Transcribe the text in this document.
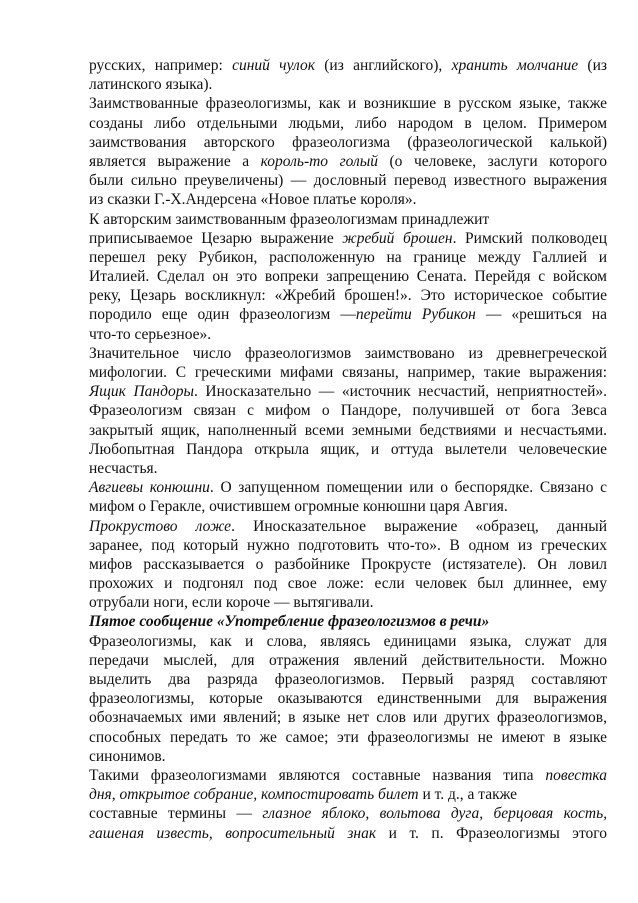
русских, например: синий чулок (из английского), хранить молчание (из
латинского языка).
Заимствованные фразеологизмы, как и возникшие в русском языке, также
созданы либо отдельными людьми, либо народом в целом. Примером
заимствования авторского фразеологизма (фразеологической калькой)
является выражение а король-то голый (о человеке, заслуги которого
были сильно преувеличены) — дословный перевод известного выражения
из сказки Г.-Х.Андерсена «Новое платье короля».
К авторским заимствованным фразеологизмам принадлежит
приписываемое Цезарю выражение жребий брошен. Римский полководец
перешел реку Рубикон, расположенную на границе между Галлией и
Италией. Сделал он это вопреки запрещению Сената. Перейдя с войском
реку, Цезарь воскликнул: «Жребий брошен!». Это историческое событие
породило еще один фразеологизм —перейти Рубикон — «решиться на
что-то серьезное».
Значительное число фразеологизмов заимствовано из древнегреческой
мифологии. С греческими мифами связаны, например, такие выражения:
Ящик Пандоры. Иносказательно — «источник несчастий, неприятностей».
Фразеологизм связан с мифом о Пандоре, получившей от бога Зевса
закрытый ящик, наполненный всеми земными бедствиями и несчастьями.
Любопытная Пандора открыла ящик, и оттуда вылетели человеческие
несчастья.
Авгиевы конюшни. О запущенном помещении или о беспорядке. Связано с
мифом о Геракле, очистившем огромные конюшни царя Авгия.
Прокрустово ложе. Иносказательное выражение «образец, данный
заранее, под который нужно подготовить что-то». В одном из греческих
мифов рассказывается о разбойнике Прокрусте (истязателе). Он ловил
прохожих и подгонял под свое ложе: если человек был длиннее, ему
отрубали ноги, если короче — вытягивали.
Пятое сообщение «Употребление фразеологизмов в речи»
Фразеологизмы, как и слова, являясь единицами языка, служат для
передачи мыслей, для отражения явлений действительности. Можно
выделить два разряда фразеологизмов. Первый разряд составляют
фразеологизмы, которые оказываются единственными для выражения
обозначаемых ими явлений; в языке нет слов или других фразеологизмов,
способных передать то же самое; эти фразеологизмы не имеют в языке
синонимов.
Такими фразеологизмами являются составные названия типа повестка
дня, открытое собрание, компостировать билет и т. д., а также
составные термины — глазное яблоко, вольтова дуга, берцовая кость,
гашеная известь, вопросительный знак и т. п. Фразеологизмы этого
